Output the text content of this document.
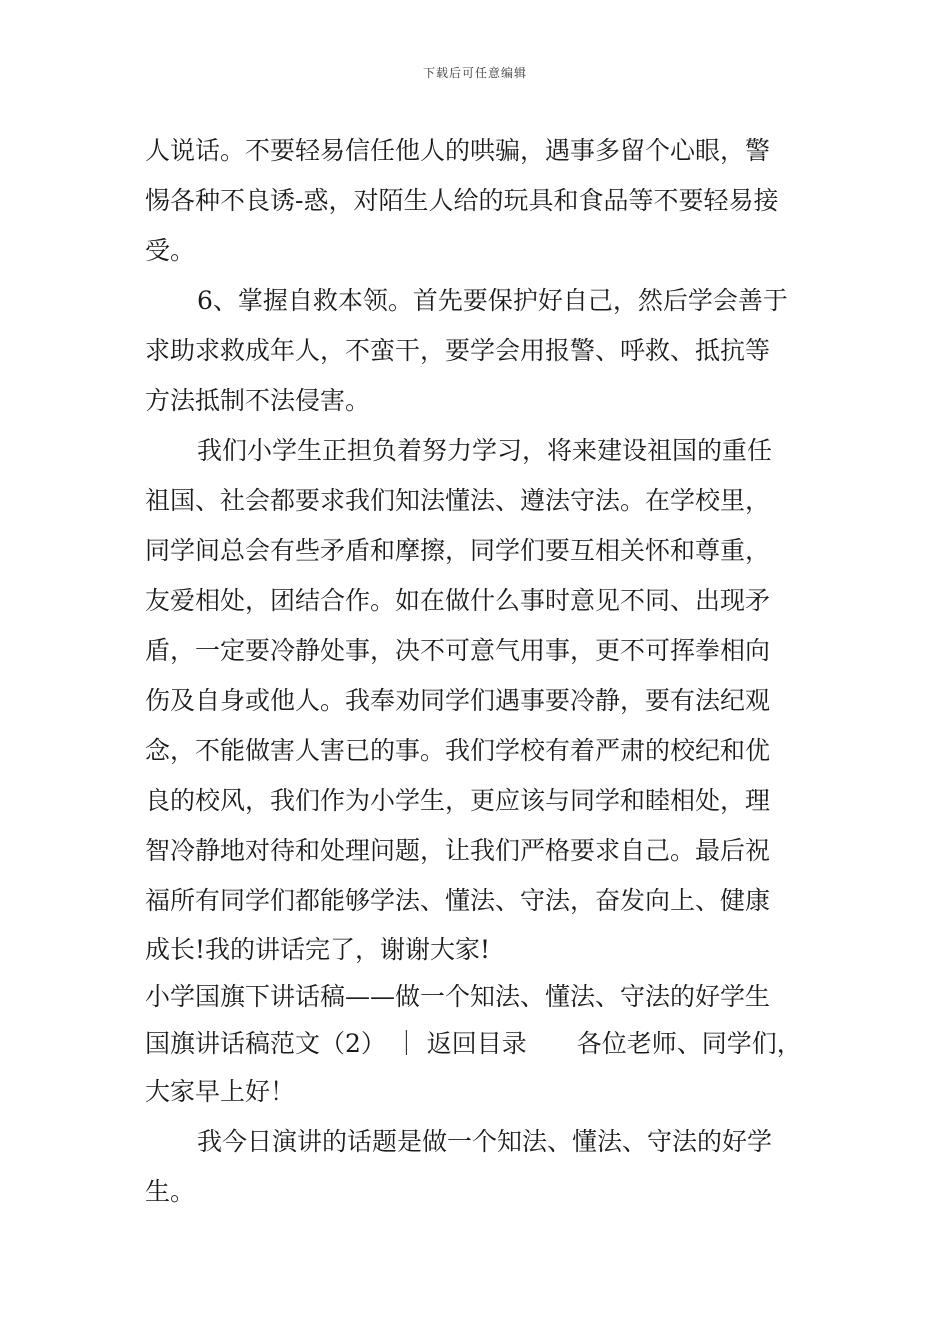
下载后可任意编辑
人说话。不要轻易信任他人的哄骗，遇事多留个心眼，警
惕各种不良诱-惑，对陌生人给的玩具和食品等不要轻易接
受。
6、掌握自救本领。首先要保护好自己，然后学会善于
求助求救成年人，不蛮干，要学会用报警、呼救、抵抗等
方法抵制不法侵害。
我们小学生正担负着努力学习，将来建设祖国的重任
祖国、社会都要求我们知法懂法、遵法守法。在学校里，
同学间总会有些矛盾和摩擦，同学们要互相关怀和尊重，
友爱相处，团结合作。如在做什么事时意见不同、出现矛
盾，一定要冷静处事，决不可意气用事，更不可挥拳相向
伤及自身或他人。我奉劝同学们遇事要冷静，要有法纪观
念，不能做害人害已的事。我们学校有着严肃的校纪和优
良的校风，我们作为小学生，更应该与同学和睦相处，理
智冷静地对待和处理问题，让我们严格要求自己。最后祝
福所有同学们都能够学法、懂法、守法，奋发向上、健康
成长!我的讲话完了，谢谢大家!
小学国旗下讲话稿——做一个知法、懂法、守法的好学生
国旗讲话稿范文（2） ｜ 返回目录　　各位老师、同学们，
大家早上好！
我今日演讲的话题是做一个知法、懂法、守法的好学
生。
